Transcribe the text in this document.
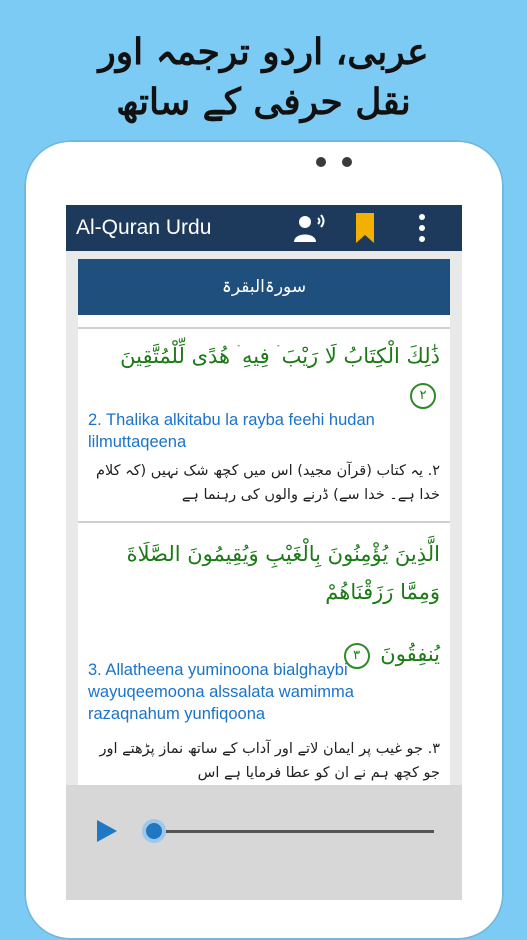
عربی، اردو ترجمہ اور
نقل حرفی کے ساتھ
Al-Quran Urdu
سورۃالبقرۃ
ذَٰلِكَ الْكِتَابُ لَا رَيْبَ ۛ فِيهِ ۛ هُدًى لِّلْمُتَّقِينَ ٢
2. Thalika alkitabu la rayba feehi hudan lilmuttaqeena
۲. یہ کتاب (قرآن مجید) اس میں کچھ شک نہیں (کہ کلام خدا ہے۔ خدا سے) ڈرنے والوں کی رہنما ہے
الَّذِينَ يُؤْمِنُونَ بِالْغَيْبِ وَيُقِيمُونَ الصَّلَاةَ وَمِمَّا رَزَقْنَاهُمْ
يُنفِقُونَ ٣
3. Allatheena yuminoona bialghaybi wayuqeemoona alssalata wamimma razaqnahum yunfiqoona
۳. جو غیب پر ایمان لاتے اور آداب کے ساتھ نماز پڑھتے اور جو کچھ ہم نے ان کو عطا فرمایا ہے اس
